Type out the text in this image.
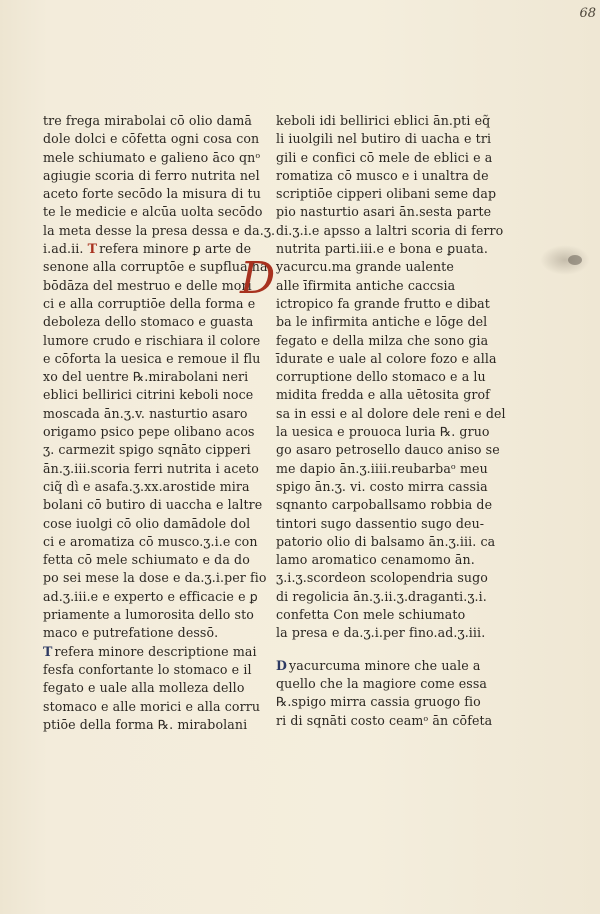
68
tre frega mirabolai cō olio damā
dole dolci e cōfetta ogni cosa con
mele schiumato e galieno āco qnᵒ
agiugie scoria di ferro nutrita nel
aceto forte secōdo la misura di tu
te le medicie e alcūa uolta secōdo
la meta desse la presa dessa e da.ʒ.
i.ad.ii. T refera minore ꝑ arte de
senone alla corruptōe e supflua ha
bōdāza del mestruo e delle mori
ci e alla corruptiōe della forma e
deboleza dello stomaco e guasta
lumore crudo e rischiara il colore
e cōforta la uesica e remoue il flu
xo del uentre ℞.mirabolani neri
eblici bellirici citrini keboli noce
moscada ān.ʒ.v. nasturtio asaro
origamo psico pepe olibano acos
ʒ. carmezit spigo sqnāto cipperi
ān.ʒ.iii.scoria ferri nutrita i aceto
ciq̃ dì e asafa.ʒ.xx.arostide mira
bolani cō butiro di uaccha e laltre
cose iuolgi cō olio damādole dol
ci e aromatiza cō musco.ʒ.i.e con
fetta cō mele schiumato e da do
po sei mese la dose e da.ʒ.i.per fio
ad.ʒ.iii.e e experto e efficacie e ꝑ
priamente a lumorosita dello sto
maco e putrefatione dessō.
T refera minore descriptione mai
fesfa confortante lo stomaco e il
fegato e uale alla molleza dello
stomaco e alle morici e alla corru
ptiōe della forma ℞. mirabolani
D
keboli idi bellirici eblici ān.pti eq̃
li iuolgili nel butiro di uacha e tri
gili e confici cō mele de eblici e a
romatiza cō musco e i unaltra de
scriptiōe cipperi olibani seme dap
pio nasturtio asari ān.sesta parte
di.ʒ.i.e apsso a laltri scoria di ferro
nutrita parti.iii.e e bona e ꝑuata.
yacurcu.ma grande ualente
alle īfirmita antiche caccsia
ictropico fa grande frutto e dibat
ba le infirmita antiche e lōge del
fegato e della milza che sono gia
īdurate e uale al colore fozo e alla
corruptione dello stomaco e a lu
midita fredda e alla uētosita grof
sa in essi e al dolore dele reni e del
la uesica e prouoca luria ℞. gruo
go asaro petrosello dauco aniso se
me dapio ān.ʒ.iiii.reubarbaᵒ meu
spigo ān.ʒ. vi. costo mirra cassia
sqnanto carpoballsamo robbia de
tintori sugo dassentio sugo deu-
patorio olio di balsamo ān.ʒ.iii. ca
lamo aromatico cenamomo ān.
ʒ.i.ʒ.scordeon scolopendria sugo
di regolicia ān.ʒ.ii.ʒ.draganti.ʒ.i.
confetta Con mele schiumato
la presa e da.ʒ.i.per fino.ad.ʒ.iii.
D yacurcuma minore che uale a
quello che la magiore come essa
℞.spigo mirra cassia gruogo fio
ri di sqnāti costo ceamᵒ ān cōfeta
